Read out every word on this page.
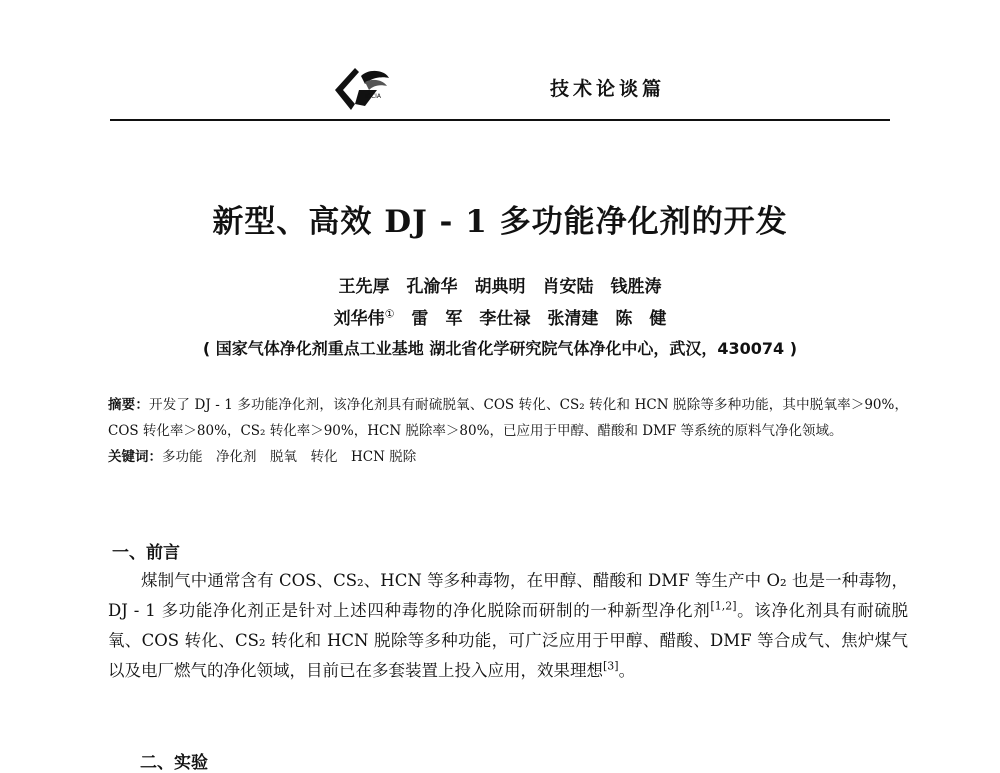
ICCIA	技术论谈篇
新型、高效 DJ - 1 多功能净化剂的开发
王先厚　孔渝华　胡典明　肖安陆　钱胜涛
刘华伟①　雷　军　李仕禄　张清建　陈　健
( 国家气体净化剂重点工业基地 湖北省化学研究院气体净化中心，武汉，430074 )

摘要：开发了 DJ - 1 多功能净化剂，该净化剂具有耐硫脱氧、COS 转化、CS₂ 转化和 HCN 脱除等多种功能，其中脱氧率＞90%，COS 转化率＞80%，CS₂ 转化率＞90%，HCN 脱除率＞80%，已应用于甲醇、醋酸和 DMF 等系统的原料气净化领域。

关键词：多功能　净化剂　脱氧　转化　HCN 脱除

一、前言

煤制气中通常含有 COS、CS₂、HCN 等多种毒物，在甲醇、醋酸和 DMF 等生产中 O₂ 也是一种毒物，DJ - 1 多功能净化剂正是针对上述四种毒物的净化脱除而研制的一种新型净化剂[1,2]。该净化剂具有耐硫脱氧、COS 转化、CS₂ 转化和 HCN 脱除等多种功能，可广泛应用于甲醇、醋酸、DMF 等合成气、焦炉煤气以及电厂燃气的净化领域，目前已在多套装置上投入应用，效果理想[3]。

二、实验
